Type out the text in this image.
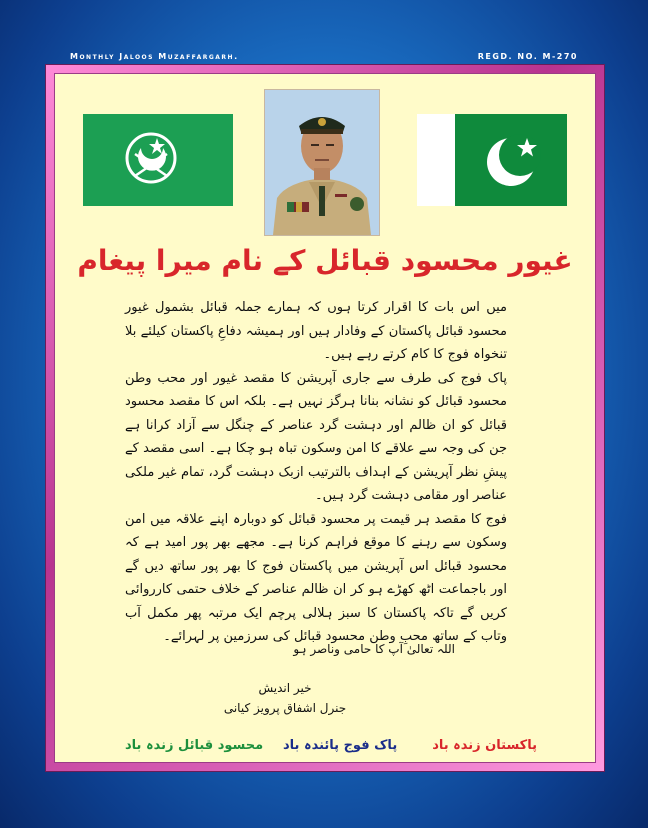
Monthly Jaloos Muzaffargarh.	REGD. NO. M-270
غیور محسود قبائل کے نام میرا پیغام

میں اس بات کا اقرار کرتا ہوں کہ ہمارے جملہ قبائل بشمول غیور محسود قبائل پاکستان کے وفادار ہیں اور ہمیشہ دفاعِ پاکستان کیلئے بلا تنخواہ فوج کا کام کرتے رہے ہیں۔

پاک فوج کی طرف سے جاری آپریشن کا مقصد غیور اور محب وطن محسود قبائل کو نشانہ بنانا ہرگز نہیں ہے۔ بلکہ اس کا مقصد محسود قبائل کو ان ظالم اور دہشت گرد عناصر کے چنگل سے آزاد کرانا ہے جن کی وجہ سے علاقے کا امن وسکون تباہ ہو چکا ہے۔ اسی مقصد کے پیشِ نظر آپریشن کے اہداف بالترتیب ازبک دہشت گرد، تمام غیر ملکی عناصر اور مقامی دہشت گرد ہیں۔

فوج کا مقصد ہر قیمت پر محسود قبائل کو دوبارہ اپنے علاقہ میں امن وسکون سے رہنے کا موقع فراہم کرنا ہے۔ مجھے بھر پور امید ہے کہ محسود قبائل اس آپریشن میں پاکستان فوج کا بھر پور ساتھ دیں گے اور باجماعت اٹھ کھڑے ہو کر ان ظالم عناصر کے خلاف حتمی کارروائی کریں گے تاکہ پاکستان کا سبز ہلالی پرچم ایک مرتبہ پھر مکمل آب وتاب کے ساتھ محبِ وطن محسود قبائل کی سرزمین پر لہرائے۔

اللہ تعالیٰ آپ کا حامی وناصر ہو
خیر اندیش
جنرل اشفاق پرویز کیانی
پاکستان زندہ باد
پاک فوج پائندہ باد
محسود قبائل زندہ باد
